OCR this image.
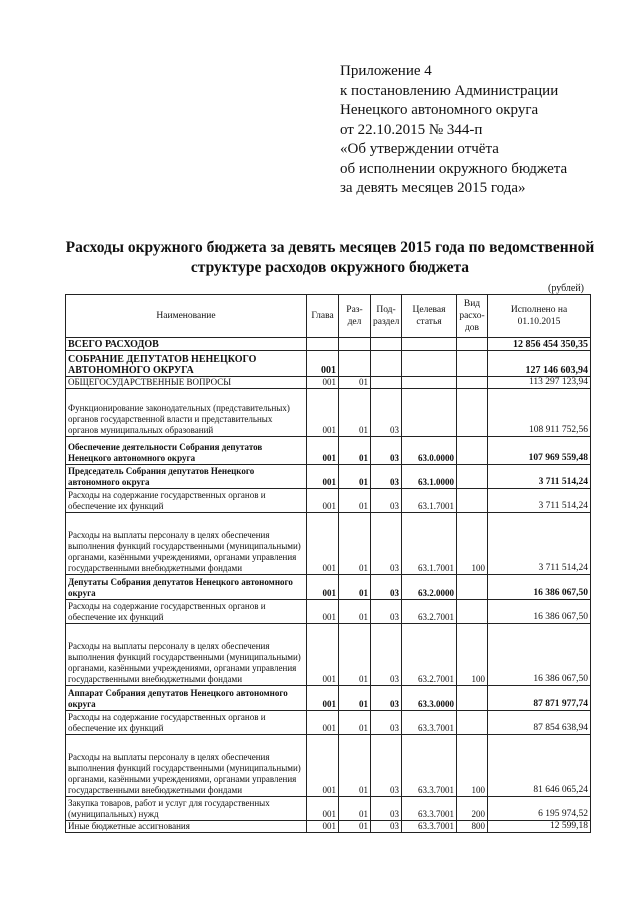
Приложение 4
к постановлению Администрации
Ненецкого автономного округа
от 22.10.2015 № 344-п
«Об утверждении отчёта
об исполнении окружного бюджета
за девять месяцев 2015 года»
Расходы окружного бюджета за девять месяцев 2015 года по ведомственной
структуре расходов окружного бюджета
(рублей)
Наименование	Глава	Раз-дел	Под-раздел	Целевая статья	Вид расхо-дов	Исполнено на 01.10.2015
ВСЕГО РАСХОДОВ						12 856 454 350,35
СОБРАНИЕ ДЕПУТАТОВ НЕНЕЦКОГО АВТОНОМНОГО ОКРУГА	001					127 146 603,94
ОБЩЕГОСУДАРСТВЕННЫЕ ВОПРОСЫ	001	01				113 297 123,94
Функционирование законодательных (представительных) органов государственной власти и представительных органов муниципальных образований	001	01	03			108 911 752,56
Обеспечение деятельности Собрания депутатов Ненецкого автономного округа	001	01	03	63.0.0000		107 969 559,48
Председатель Собрания депутатов Ненецкого автономного округа	001	01	03	63.1.0000		3 711 514,24
Расходы на содержание государственных органов и обеспечение их функций	001	01	03	63.1.7001		3 711 514,24
Расходы на выплаты персоналу в целях обеспечения выполнения функций государственными (муниципальными) органами, казёнными учреждениями, органами управления государственными внебюджетными фондами	001	01	03	63.1.7001	100	3 711 514,24
Депутаты Собрания депутатов Ненецкого автономного округа	001	01	03	63.2.0000		16 386 067,50
Расходы на содержание государственных органов и обеспечение их функций	001	01	03	63.2.7001		16 386 067,50
Расходы на выплаты персоналу в целях обеспечения выполнения функций государственными (муниципальными) органами, казёнными учреждениями, органами управления государственными внебюджетными фондами	001	01	03	63.2.7001	100	16 386 067,50
Аппарат Собрания депутатов Ненецкого автономного округа	001	01	03	63.3.0000		87 871 977,74
Расходы на содержание государственных органов и обеспечение их функций	001	01	03	63.3.7001		87 854 638,94
Расходы на выплаты персоналу в целях обеспечения выполнения функций государственными (муниципальными) органами, казёнными учреждениями, органами управления государственными внебюджетными фондами	001	01	03	63.3.7001	100	81 646 065,24
Закупка товаров, работ и услуг для государственных (муниципальных) нужд	001	01	03	63.3.7001	200	6 195 974,52
Иные бюджетные ассигнования	001	01	03	63.3.7001	800	12 599,18
